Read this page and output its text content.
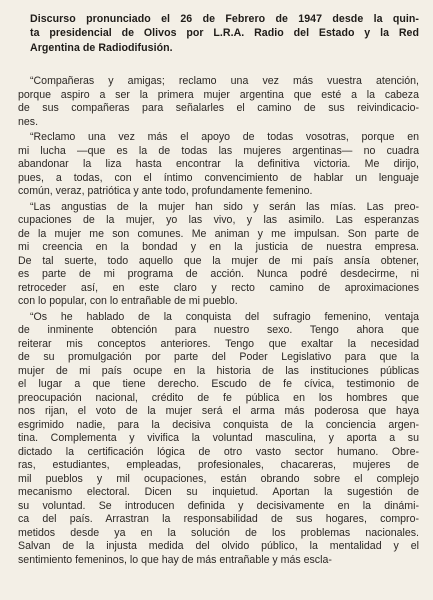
Discurso pronunciado el 26 de Febrero de 1947 desde la quin-
ta presidencial de Olivos por L.R.A. Radio del Estado y la Red
Argentina de Radiodifusión.
“Compañeras y amigas; reclamo una vez más vuestra atención,
porque aspiro a ser la primera mujer argentina que esté a la cabeza
de sus compañeras para señalarles el camino de sus reivindicacio-
nes.
“Reclamo una vez más el apoyo de todas vosotras, porque en
mi lucha —que es la de todas las mujeres argentinas— no cuadra
abandonar la liza hasta encontrar la definitiva victoria. Me dirijo,
pues, a todas, con el íntimo convencimiento de hablar un lenguaje
común, veraz, patriótica y ante todo, profundamente femenino.
“Las angustias de la mujer han sido y serán las mías. Las preo-
cupaciones de la mujer, yo las vivo, y las asimilo. Las esperanzas
de la mujer me son comunes. Me animan y me impulsan. Son parte de
mi creencia en la bondad y en la justicia de nuestra empresa.
De tal suerte, todo aquello que la mujer de mi país ansía obtener,
es parte de mi programa de acción. Nunca podré desdecirme, ni
retroceder así, en este claro y recto camino de aproximaciones
con lo popular, con lo entrañable de mi pueblo.
“Os he hablado de la conquista del sufragio femenino, ventaja
de inminente obtención para nuestro sexo. Tengo ahora que
reiterar mis conceptos anteriores. Tengo que exaltar la necesidad
de su promulgación por parte del Poder Legislativo para que la
mujer de mi país ocupe en la historia de las instituciones públicas
el lugar a que tiene derecho. Escudo de fe cívica, testimonio de
preocupación nacional, crédito de fe pública en los hombres que
nos rijan, el voto de la mujer será el arma más poderosa que haya
esgrimido nadie, para la decisiva conquista de la conciencia argen-
tina. Complementa y vivifica la voluntad masculina, y aporta a su
dictado la certificación lógica de otro vasto sector humano. Obre-
ras, estudiantes, empleadas, profesionales, chacareras, mujeres de
mil pueblos y mil ocupaciones, están obrando sobre el complejo
mecanismo electoral. Dicen su inquietud. Aportan la sugestión de
su voluntad. Se introducen definida y decisivamente en la dinámi-
ca del país. Arrastran la responsabilidad de sus hogares, compro-
metidos desde ya en la solución de los problemas nacionales.
Salvan de la injusta medida del olvido público, la mentalidad y el
sentimiento femeninos, lo que hay de más entrañable y más escla-
